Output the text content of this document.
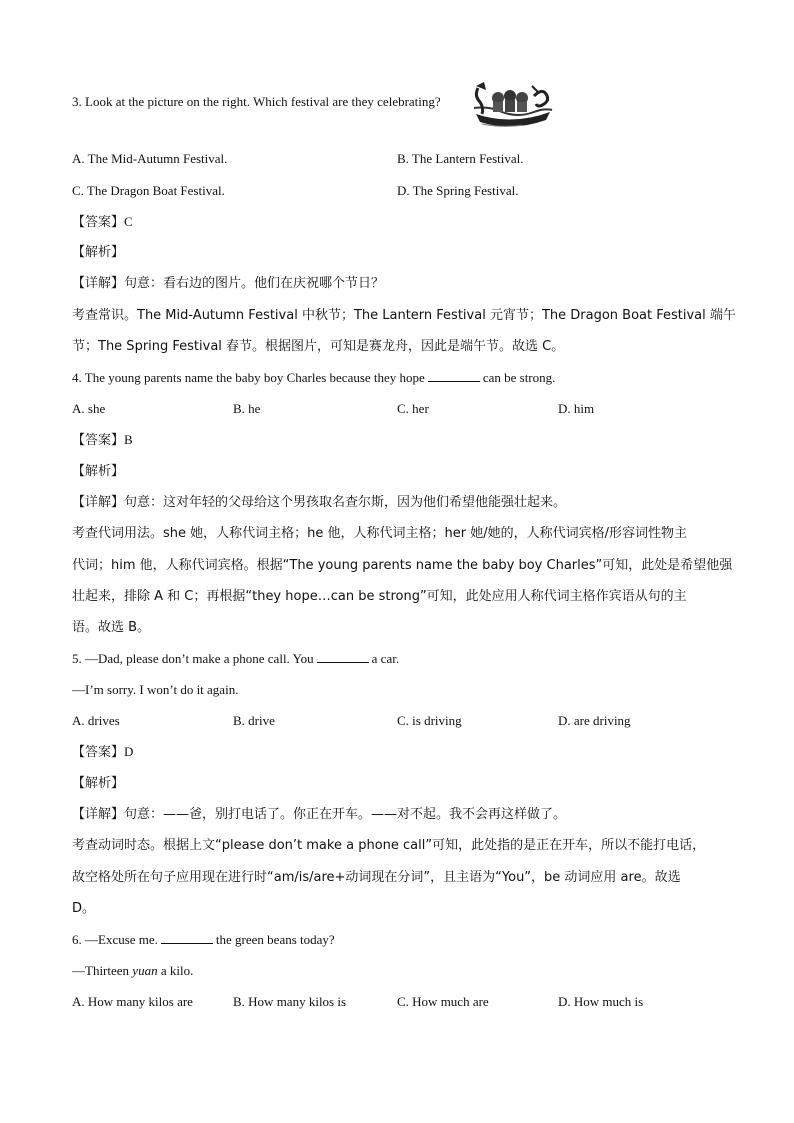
3. Look at the picture on the right. Which festival are they celebrating?
A. The Mid-Autumn Festival.	B. The Lantern Festival.
C. The Dragon Boat Festival.	D. The Spring Festival.
【答案】C
【解析】
【详解】句意：看右边的图片。他们在庆祝哪个节日？
考查常识。The Mid-Autumn Festival 中秋节；The Lantern Festival 元宵节；The Dragon Boat Festival 端午
节；The Spring Festival 春节。根据图片，可知是赛龙舟，因此是端午节。故选 C。
4. The young parents name the baby boy Charles because they hope	can be strong.
A. she	B. he	C. her	D. him
【答案】B
【解析】
【详解】句意：这对年轻的父母给这个男孩取名查尔斯，因为他们希望他能强壮起来。
考查代词用法。she 她，人称代词主格；he 他，人称代词主格；her 她/她的，人称代词宾格/形容词性物主
代词；him 他，人称代词宾格。根据“The young parents name the baby boy Charles”可知，此处是希望他强
壮起来，排除 A 和 C；再根据“they hope…can be strong”可知，此处应用人称代词主格作宾语从句的主
语。故选 B。
5. —Dad, please don’t make a phone call. You	a car.
—I’m sorry. I won’t do it again.
A. drives	B. drive	C. is driving	D. are driving
【答案】D
【解析】
【详解】句意：——爸，别打电话了。你正在开车。——对不起。我不会再这样做了。
考查动词时态。根据上文“please don’t make a phone call”可知，此处指的是正在开车，所以不能打电话，
故空格处所在句子应用现在进行时“am/is/are+动词现在分词”，且主语为“You”，be 动词应用 are。故选
D。
6. —Excuse me.	the green beans today?
—Thirteen yuan a kilo.
A. How many kilos are	B. How many kilos is	C. How much are	D. How much is
